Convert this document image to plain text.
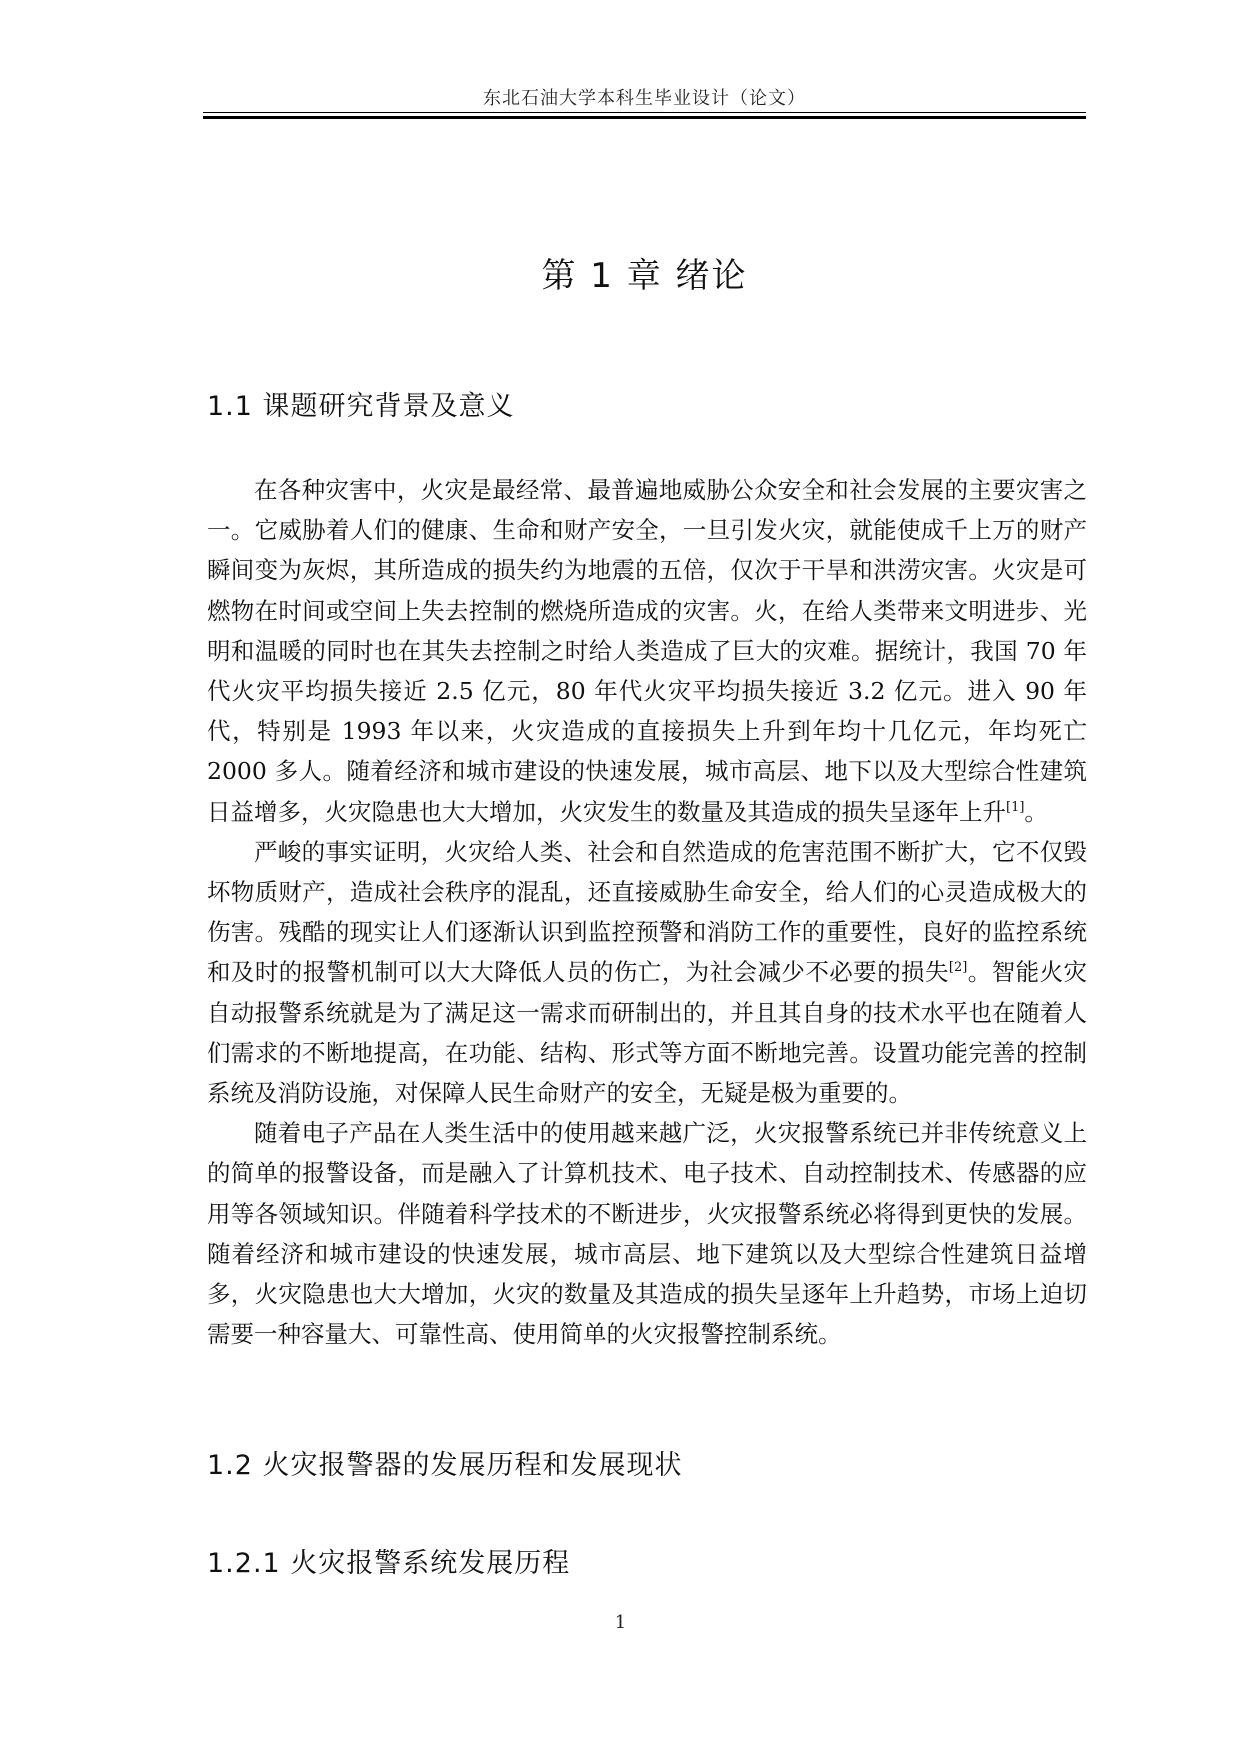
东北石油大学本科生毕业设计（论文）
第 1 章 绪论
1.1 课题研究背景及意义

在各种灾害中，火灾是最经常、最普遍地威胁公众安全和社会发展的主要灾害之一。它威胁着人们的健康、生命和财产安全，一旦引发火灾，就能使成千上万的财产瞬间变为灰烬，其所造成的损失约为地震的五倍，仅次于干旱和洪涝灾害。火灾是可燃物在时间或空间上失去控制的燃烧所造成的灾害。火，在给人类带来文明进步、光明和温暖的同时也在其失去控制之时给人类造成了巨大的灾难。据统计，我国 70 年代火灾平均损失接近 2.5 亿元，80 年代火灾平均损失接近 3.2 亿元。进入 90 年代，特别是 1993 年以来，火灾造成的直接损失上升到年均十几亿元，年均死亡 2000 多人。随着经济和城市建设的快速发展，城市高层、地下以及大型综合性建筑日益增多，火灾隐患也大大增加，火灾发生的数量及其造成的损失呈逐年上升[1]。

严峻的事实证明，火灾给人类、社会和自然造成的危害范围不断扩大，它不仅毁坏物质财产，造成社会秩序的混乱，还直接威胁生命安全，给人们的心灵造成极大的伤害。残酷的现实让人们逐渐认识到监控预警和消防工作的重要性，良好的监控系统和及时的报警机制可以大大降低人员的伤亡，为社会减少不必要的损失[2]。智能火灾自动报警系统就是为了满足这一需求而研制出的，并且其自身的技术水平也在随着人们需求的不断地提高，在功能、结构、形式等方面不断地完善。设置功能完善的控制系统及消防设施，对保障人民生命财产的安全，无疑是极为重要的。

随着电子产品在人类生活中的使用越来越广泛，火灾报警系统已并非传统意义上的简单的报警设备，而是融入了计算机技术、电子技术、自动控制技术、传感器的应用等各领域知识。伴随着科学技术的不断进步，火灾报警系统必将得到更快的发展。随着经济和城市建设的快速发展，城市高层、地下建筑以及大型综合性建筑日益增多，火灾隐患也大大增加，火灾的数量及其造成的损失呈逐年上升趋势，市场上迫切需要一种容量大、可靠性高、使用简单的火灾报警控制系统。

1.2 火灾报警器的发展历程和发展现状
1.2.1 火灾报警系统发展历程
1
